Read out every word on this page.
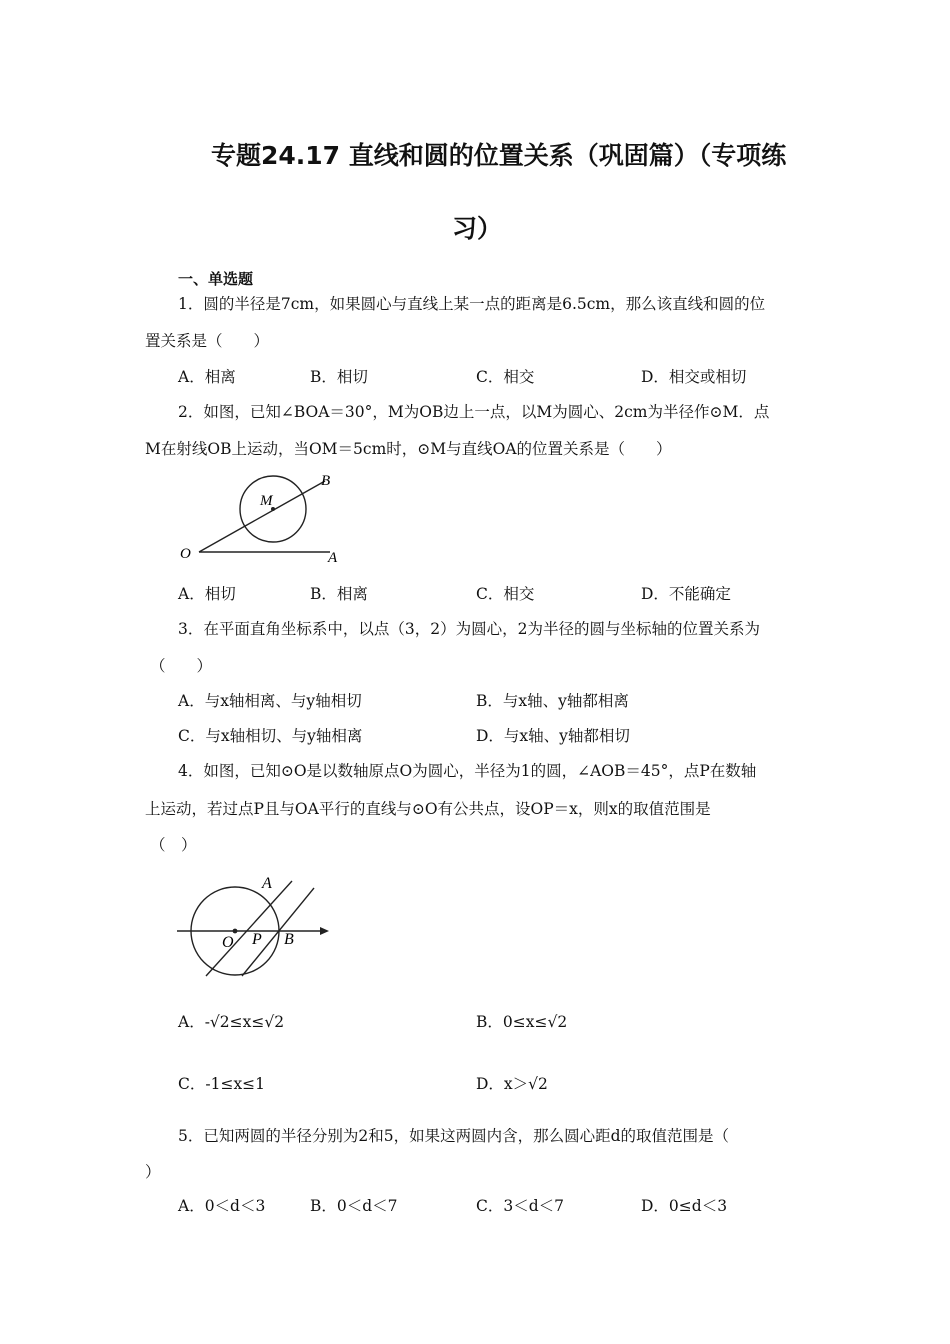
专题24.17 直线和圆的位置关系（巩固篇）（专项练
习）
一、单选题
1．圆的半径是7cm，如果圆心与直线上某一点的距离是6.5cm，那么该直线和圆的位
置关系是（　　）
A．相离	B．相切	C．相交	D．相交或相切
2．如图，已知∠BOA＝30°，M为OB边上一点，以M为圆心、2cm为半径作⊙M．点
M在射线OB上运动，当OM＝5cm时，⊙M与直线OA的位置关系是（　　）
O	A
B
M
A．相切	B．相离	C．相交	D．不能确定
3．在平面直角坐标系中，以点（3，2）为圆心，2为半径的圆与坐标轴的位置关系为
（　　）
A．与x轴相离、与y轴相切	B．与x轴、y轴都相离
C．与x轴相切、与y轴相离	D．与x轴、y轴都相切
4．如图，已知⊙O是以数轴原点O为圆心，半径为1的圆，∠AOB＝45°，点P在数轴
上运动，若过点P且与OA平行的直线与⊙O有公共点，设OP＝x，则x的取值范围是
（　）
O P B
A
A．-√2≤x≤√2	B．0≤x≤√2
C．-1≤x≤1	D．x＞√2
5．已知两圆的半径分别为2和5，如果这两圆内含，那么圆心距d的取值范围是（
）
A．0＜d＜3	B．0＜d＜7	C．3＜d＜7	D．0≤d＜3
